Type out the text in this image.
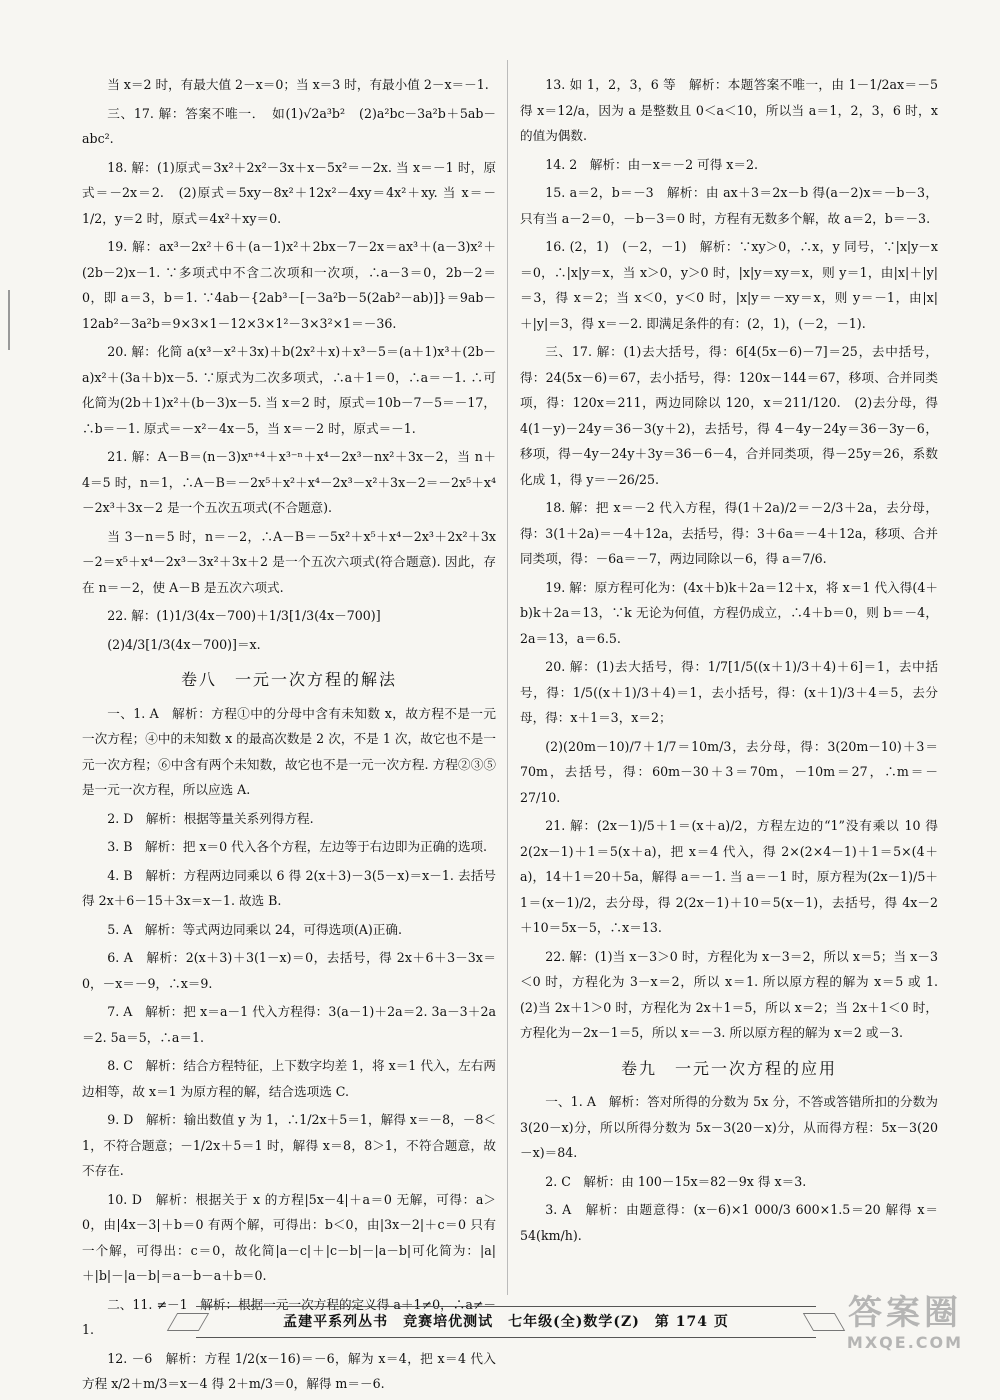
当 x＝2 时，有最大值 2－x＝0；当 x＝3 时，有最小值 2－x＝－1.

三、17. 解：答案不唯一．　如(1)√2a³b²　(2)a²bc－3a²b＋5ab－abc².

18. 解：(1)原式＝3x²＋2x²－3x＋x－5x²＝－2x. 当 x＝－1 时，原式＝－2x＝2.　(2)原式＝5xy－8x²＋12x²－4xy＝4x²＋xy. 当 x＝－1/2，y＝2 时，原式＝4x²＋xy＝0.

19. 解：ax³－2x²＋6＋(a－1)x²＋2bx－7－2x＝ax³＋(a－3)x²＋(2b－2)x－1. ∵多项式中不含二次项和一次项，∴a－3＝0，2b－2＝0，即 a＝3，b＝1. ∵4ab－{2ab³－[－3a²b－5(2ab²－ab)]}＝9ab－12ab²－3a²b＝9×3×1－12×3×1²－3×3²×1＝－36.

20. 解：化简 a(x³－x²＋3x)＋b(2x²＋x)＋x³－5＝(a＋1)x³＋(2b－a)x²＋(3a＋b)x－5. ∵原式为二次多项式，∴a＋1＝0，∴a＝－1. ∴可化简为(2b＋1)x²＋(b－3)x－5. 当 x＝2 时，原式＝10b－7－5＝－17，∴b＝－1. 原式＝－x²－4x－5，当 x＝－2 时，原式＝－1.

21. 解：A－B＝(n－3)xⁿ⁺⁴＋x³⁻ⁿ＋x⁴－2x³－nx²＋3x－2，当 n＋4＝5 时，n＝1，∴A－B＝－2x⁵＋x²＋x⁴－2x³－x²＋3x－2＝－2x⁵＋x⁴－2x³＋3x－2 是一个五次五项式(不合题意).

当 3－n＝5 时，n＝－2，∴A－B＝－5x²＋x⁵＋x⁴－2x³＋2x²＋3x－2＝x⁵＋x⁴－2x³－3x²＋3x＋2 是一个五次六项式(符合题意). 因此，存在 n＝－2，使 A－B 是五次六项式.

22. 解：(1)1/3(4x－700)＋1/3[1/3(4x－700)]

(2)4/3[1/3(4x－700)]＝x.

卷八　一元一次方程的解法

一、1. A　解析：方程①中的分母中含有未知数 x，故方程不是一元一次方程；④中的未知数 x 的最高次数是 2 次，不是 1 次，故它也不是一元一次方程；⑥中含有两个未知数，故它也不是一元一次方程. 方程②③⑤是一元一次方程，所以应选 A.

2. D　解析：根据等量关系列得方程.

3. B　解析：把 x＝0 代入各个方程，左边等于右边即为正确的选项.

4. B　解析：方程两边同乘以 6 得 2(x＋3)－3(5－x)＝x－1. 去括号得 2x＋6－15＋3x＝x－1. 故选 B.

5. A　解析：等式两边同乘以 24，可得选项(A)正确.

6. A　解析：2(x＋3)＋3(1－x)＝0，去括号，得 2x＋6＋3－3x＝0，－x＝－9，∴x＝9.

7. A　解析：把 x＝a－1 代入方程得：3(a－1)＋2a＝2. 3a－3＋2a＝2. 5a＝5，∴a＝1.

8. C　解析：结合方程特征，上下数字均差 1，将 x＝1 代入，左右两边相等，故 x＝1 为原方程的解，结合选项选 C.

9. D　解析：输出数值 y 为 1，∴1/2x＋5＝1，解得 x＝－8，－8＜1，不符合题意；－1/2x＋5＝1 时，解得 x＝8，8＞1，不符合题意，故不存在.

10. D　解析：根据关于 x 的方程|5x－4|＋a＝0 无解，可得：a＞0，由|4x－3|＋b＝0 有两个解，可得出：b＜0，由|3x－2|＋c＝0 只有一个解，可得出：c＝0，故化简|a－c|＋|c－b|－|a－b|可化简为：|a|＋|b|－|a－b|＝a－b－a＋b＝0.

二、11. ≠－1　解析：根据一元一次方程的定义得 a＋1≠0，∴a≠－1.

12. －6　解析：方程 1/2(x－16)＝－6，解为 x＝4，把 x＝4 代入方程 x/2＋m/3＝x－4 得 2＋m/3＝0，解得 m＝－6.

13. 如 1，2，3，6 等　解析：本题答案不唯一，由 1－1/2ax＝－5 得 x＝12/a，因为 a 是整数且 0＜a＜10，所以当 a＝1，2，3，6 时，x 的值为偶数.

14. 2　解析：由－x＝－2 可得 x＝2.

15. a＝2，b＝－3　解析：由 ax＋3＝2x－b 得(a－2)x＝－b－3，只有当 a－2＝0，－b－3＝0 时，方程有无数多个解，故 a＝2，b＝－3.

16. (2，1)　(－2，－1)　解析：∵xy＞0，∴x，y 同号，∵|x|y－x＝0，∴|x|y＝x，当 x＞0，y＞0 时，|x|y＝xy＝x，则 y＝1，由|x|＋|y|＝3，得 x＝2；当 x＜0，y＜0 时，|x|y＝－xy＝x，则 y＝－1，由|x|＋|y|＝3，得 x＝－2. 即满足条件的有：(2，1)，(－2，－1).

三、17. 解：(1)去大括号，得：6[4(5x－6)－7]＝25，去中括号，得：24(5x－6)＝67，去小括号，得：120x－144＝67，移项、合并同类项，得：120x＝211，两边同除以 120，x＝211/120.　(2)去分母，得 4(1－y)－24y＝36－3(y＋2)，去括号，得 4－4y－24y＝36－3y－6，移项，得－4y－24y＋3y＝36－6－4，合并同类项，得－25y＝26，系数化成 1，得 y＝－26/25.

18. 解：把 x＝－2 代入方程，得(1＋2a)/2＝－2/3＋2a，去分母，得：3(1＋2a)＝－4＋12a，去括号，得：3＋6a＝－4＋12a，移项、合并同类项，得：－6a＝－7，两边同除以－6，得 a＝7/6.

19. 解：原方程可化为：(4x＋b)k＋2a＝12＋x，将 x＝1 代入得(4＋b)k＋2a＝13，∵k 无论为何值，方程仍成立，∴4＋b＝0，则 b＝－4，2a＝13，a＝6.5.

20. 解：(1)去大括号，得：1/7[1/5((x＋1)/3＋4)＋6]＝1，去中括号，得：1/5((x＋1)/3＋4)＝1，去小括号，得：(x＋1)/3＋4＝5，去分母，得：x＋1＝3，x＝2；

(2)(20m－10)/7＋1/7＝10m/3，去分母，得：3(20m－10)＋3＝70m，去括号，得：60m－30＋3＝70m，－10m＝27，∴m＝－27/10.

21. 解：(2x－1)/5＋1＝(x＋a)/2，方程左边的“1”没有乘以 10 得 2(2x－1)＋1＝5(x＋a)，把 x＝4 代入，得 2×(2×4－1)＋1＝5×(4＋a)，14＋1＝20＋5a，解得 a＝－1. 当 a＝－1 时，原方程为(2x－1)/5＋1＝(x－1)/2，去分母，得 2(2x－1)＋10＝5(x－1)，去括号，得 4x－2＋10＝5x－5，∴x＝13.

22. 解：(1)当 x－3＞0 时，方程化为 x－3＝2，所以 x＝5；当 x－3＜0 时，方程化为 3－x＝2，所以 x＝1. 所以原方程的解为 x＝5 或 1.　(2)当 2x＋1＞0 时，方程化为 2x＋1＝5，所以 x＝2；当 2x＋1＜0 时，方程化为－2x－1＝5，所以 x＝－3. 所以原方程的解为 x＝2 或－3.

卷九　一元一次方程的应用

一、1. A　解析：答对所得的分数为 5x 分，不答或答错所扣的分数为 3(20－x)分，所以所得分数为 5x－3(20－x)分，从而得方程：5x－3(20－x)＝84.

2. C　解析：由 100－15x＝82－9x 得 x＝3.

3. A　解析：由题意得：(x－6)×1 000/3 600×1.5＝20 解得 x＝54(km/h).

孟建平系列丛书　竞赛培优测试　七年级(全)数学(Z)　第 174 页	答案圈
MXQE.COM
